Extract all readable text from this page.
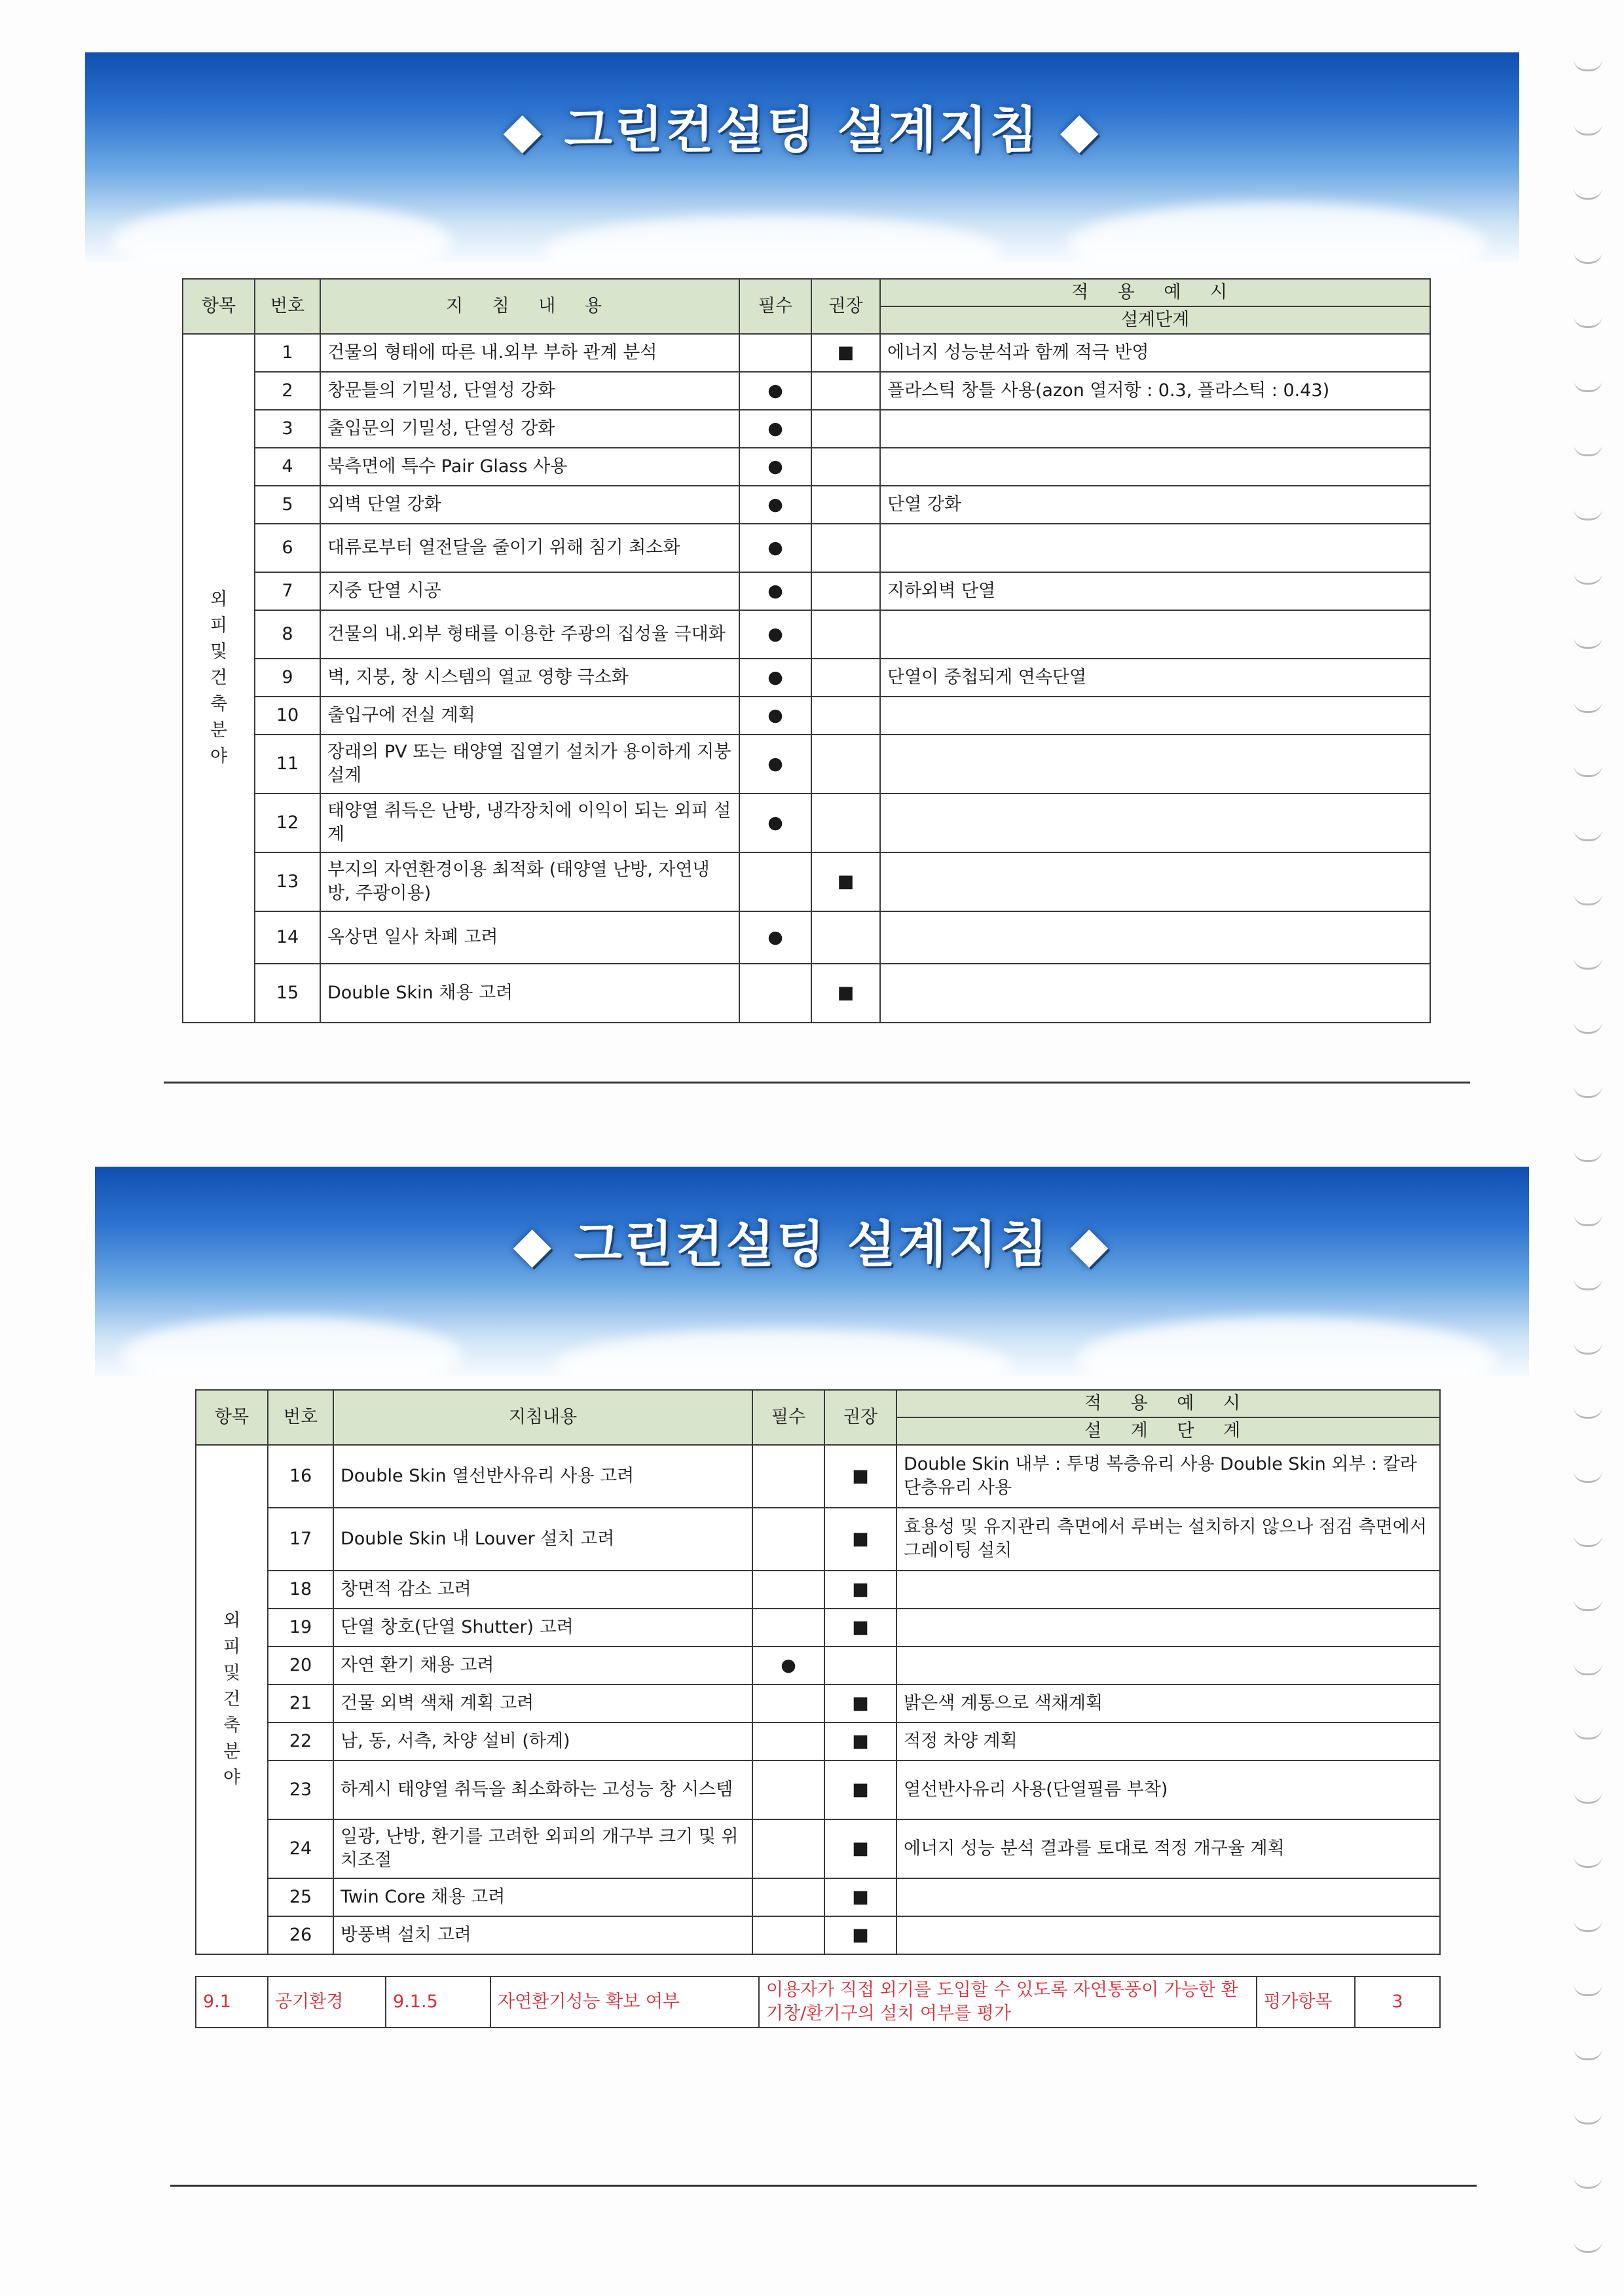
◆ 그린컨설팅 설계지침 ◆
항목	번호	지 침 내 용	필수	권장	적 용 예 시
					설계단계
외피및건축분야	1	건물의 형태에 따른 내.외부 부하 관계 분석		■	에너지 성능분석과 함께 적극 반영
	2	창문틀의 기밀성, 단열성 강화	●		플라스틱 창틀 사용(azon 열저항 : 0.3, 플라스틱 : 0.43)
	3	출입문의 기밀성, 단열성 강화	●		
	4	북측면에 특수 Pair Glass 사용	●		
	5	외벽 단열 강화	●		단열 강화
	6	대류로부터 열전달을 줄이기 위해 침기 최소화	●		
	7	지중 단열 시공	●		지하외벽 단열
	8	건물의 내.외부 형태를 이용한 주광의 집성율 극대화	●		
	9	벽, 지붕, 창 시스템의 열교 영향 극소화	●		단열이 중첩되게 연속단열
	10	출입구에 전실 계획	●		
	11	장래의 PV 또는 태양열 집열기 설치가 용이하게 지붕설계	●		
	12	태양열 취득은 난방, 냉각장치에 이익이 되는 외피 설계	●		
	13	부지의 자연환경이용 최적화 (태양열 난방, 자연냉방, 주광이용)		■	
	14	옥상면 일사 차폐 고려	●		
	15	Double Skin 채용 고려		■	
◆ 그린컨설팅 설계지침 ◆
항목	번호	지침내용	필수	권장	적 용 예 시
					설 계 단 계
외피및건축분야	16	Double Skin 열선반사유리 사용 고려		■	Double Skin 내부 : 투명 복층유리 사용 Double Skin 외부 : 칼라 단층유리 사용
	17	Double Skin 내 Louver 설치 고려		■	효용성 및 유지관리 측면에서 루버는 설치하지 않으나 점검 측면에서 그레이팅 설치
	18	창면적 감소 고려		■	
	19	단열 창호(단열 Shutter) 고려		■	
	20	자연 환기 채용 고려	●		
	21	건물 외벽 색채 계획 고려		■	밝은색 계통으로 색채계획
	22	남, 동, 서측, 차양 설비 (하계)		■	적정 차양 계획
	23	하계시 태양열 취득을 최소화하는 고성능 창 시스템		■	열선반사유리 사용(단열필름 부착)
	24	일광, 난방, 환기를 고려한 외피의 개구부 크기 및 위치조절		■	에너지 성능 분석 결과를 토대로 적정 개구율 계획
	25	Twin Core 채용 고려		■	
	26	방풍벽 설치 고려		■	
9.1	공기환경	9.1.5	자연환기성능 확보 여부	이용자가 직접 외기를 도입할 수 있도록 자연통풍이 가능한 환기창/환기구의 설치 여부를 평가	평가항목	3
